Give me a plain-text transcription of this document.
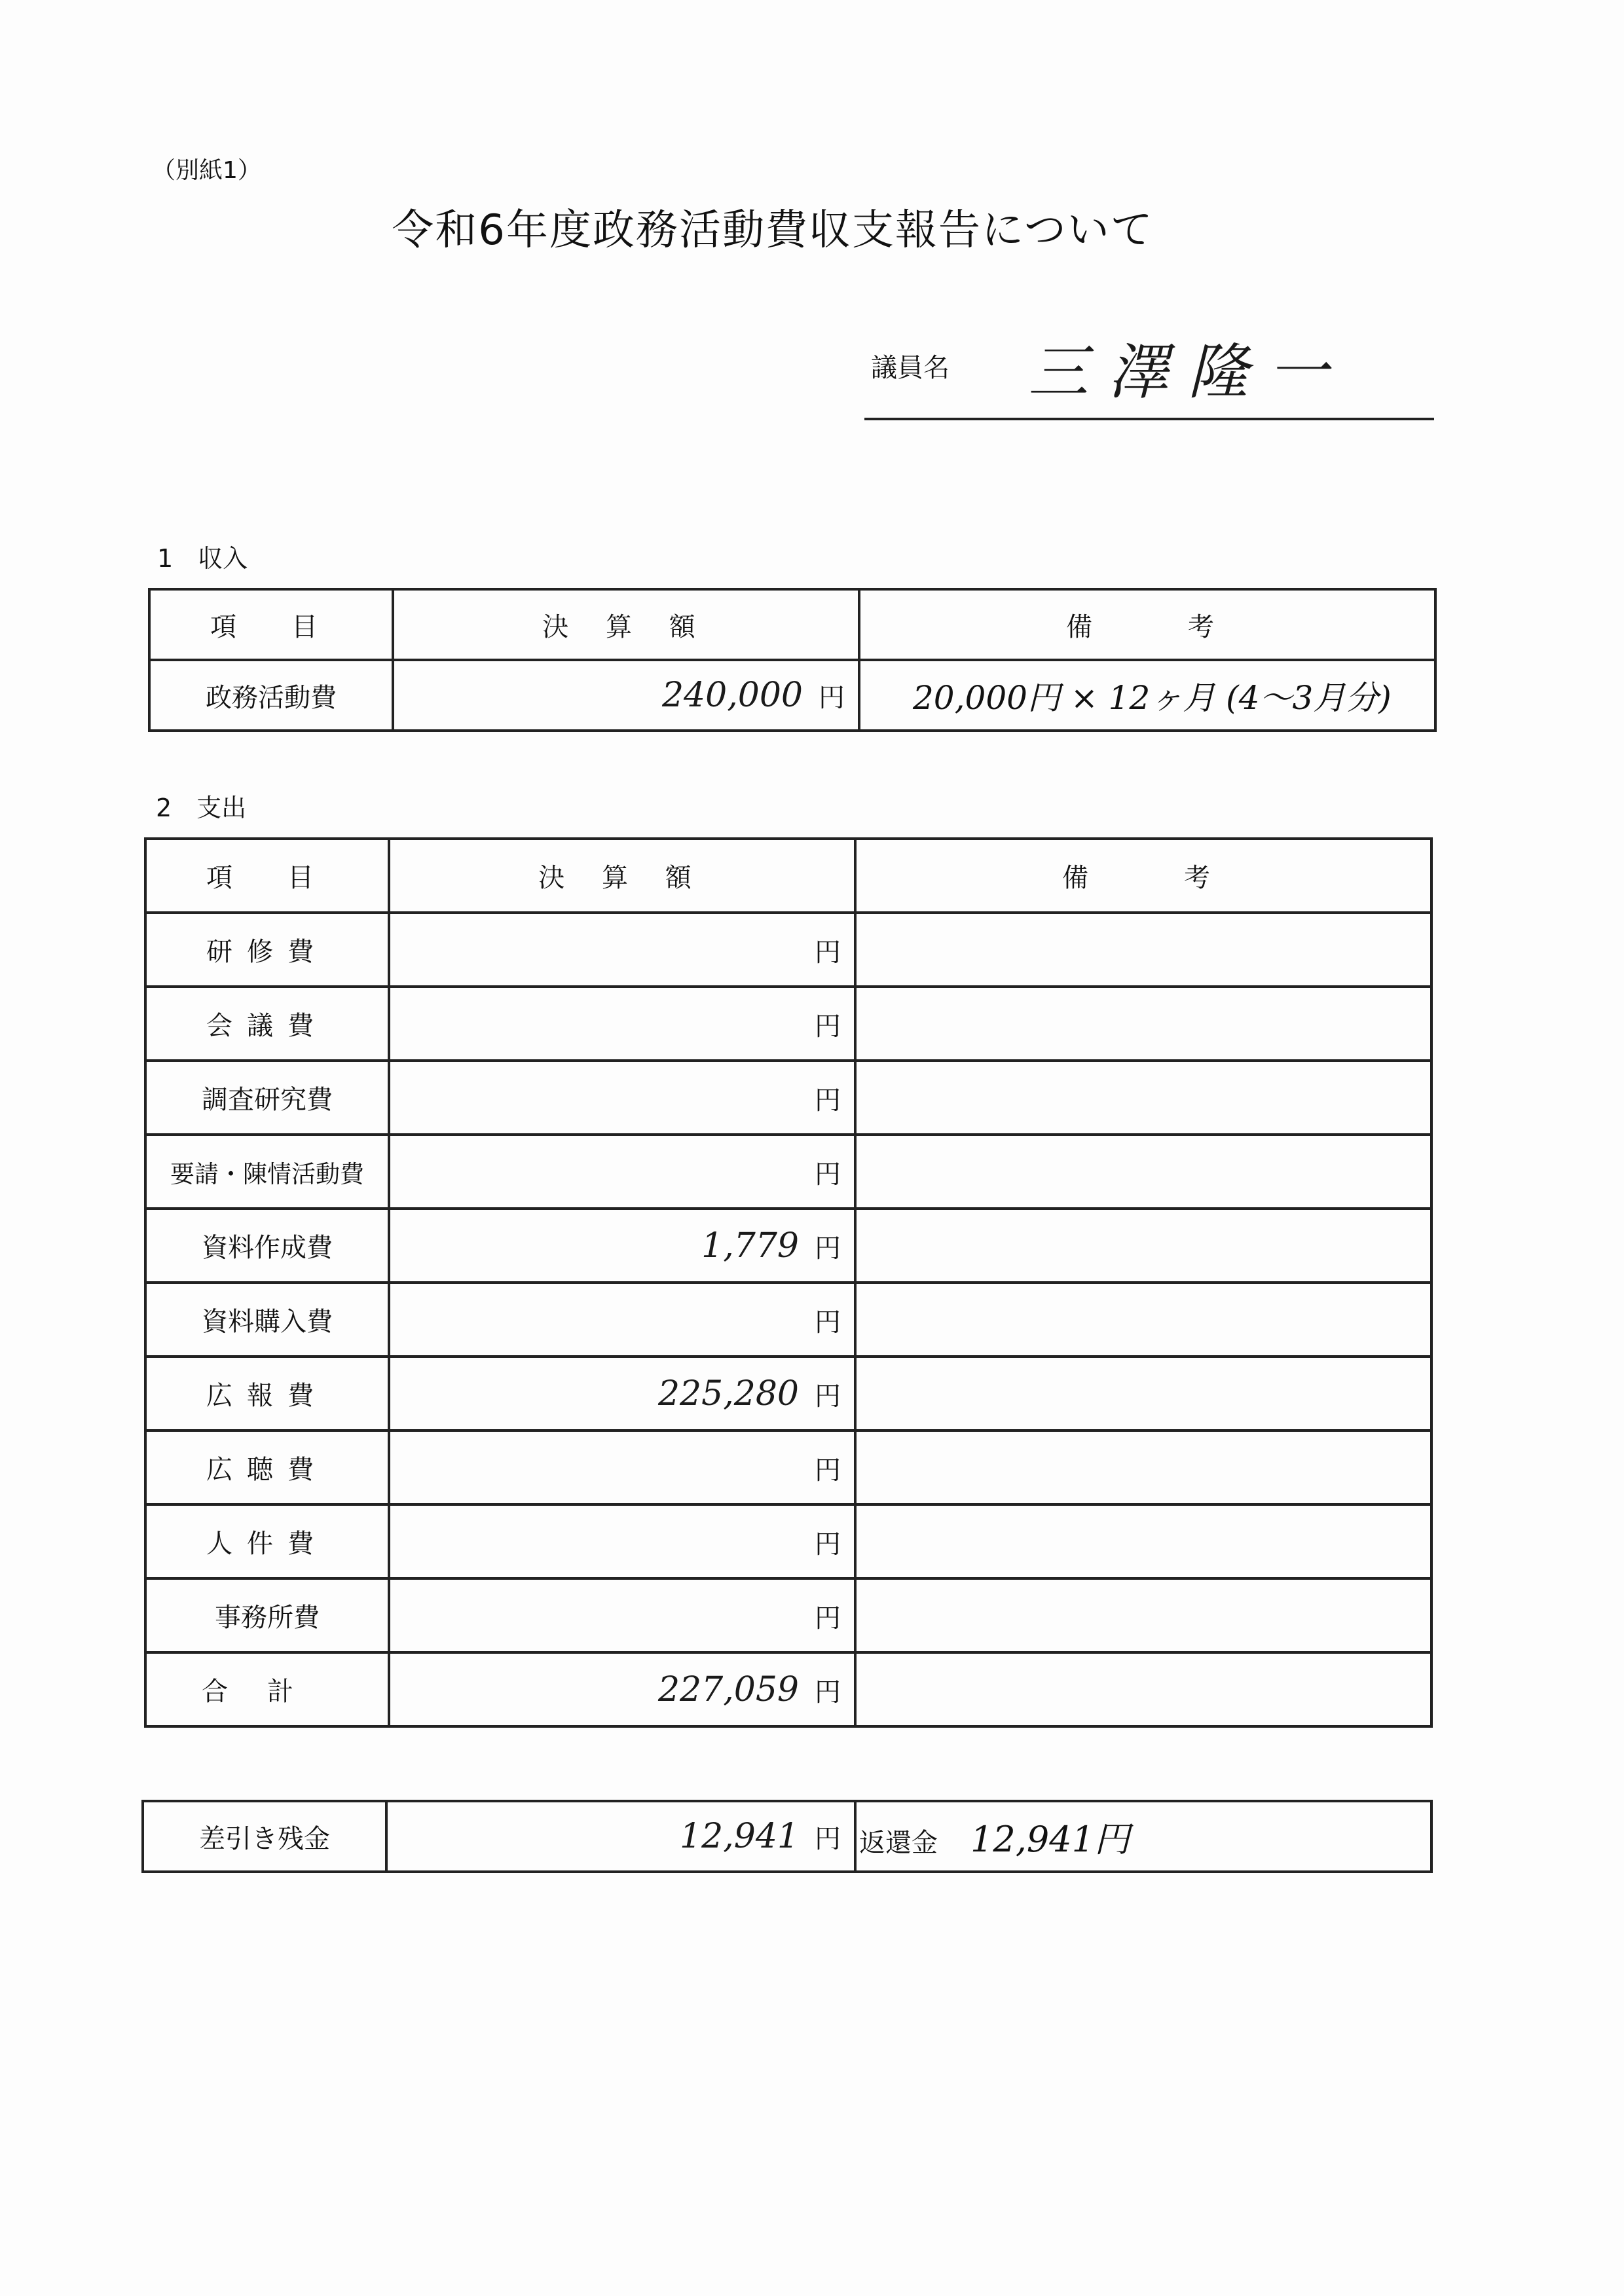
（別紙1）
令和6年度政務活動費収支報告について
議員名 三澤隆一
1　収入
項　目	決 算 額	備　　考
政務活動費	240,000 円	20,000円 × 12ヶ月 (4～3月分)
2　支出
項　目	決 算 額	備　　考
研修費	円	
会議費	円	
調査研究費	円	
要請・陳情活動費	円	
資料作成費	1,779 円	
資料購入費	円	
広報費	225,280 円	
広聴費	円	
人件費	円	
事務所費	円	
合計	227,059 円	
差引き残金	12,941 円	返還金 12,941円
